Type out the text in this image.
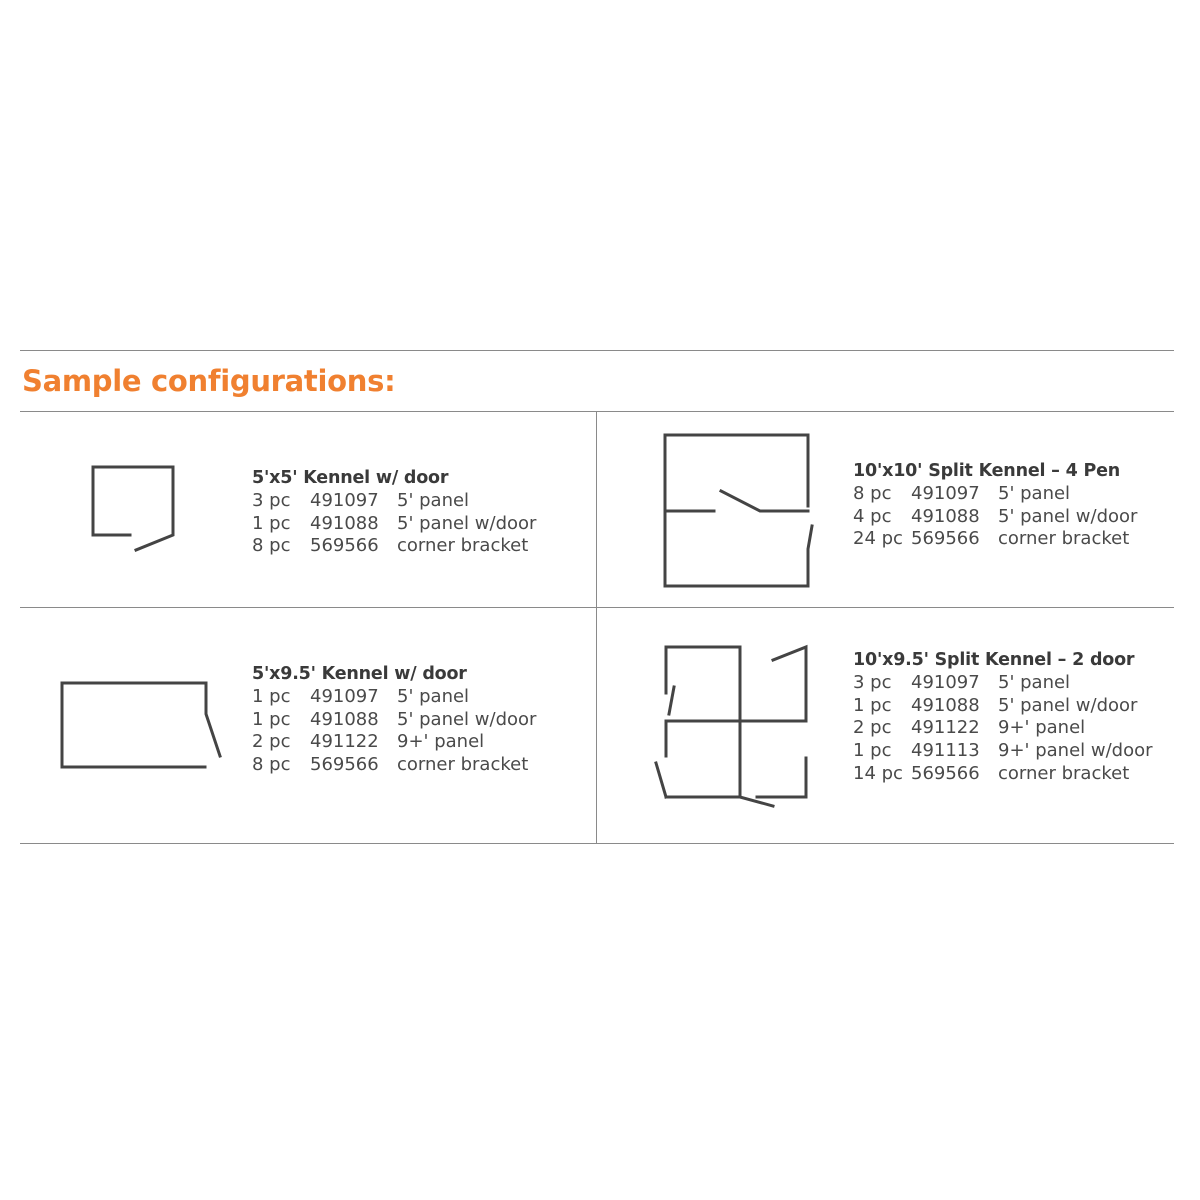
Sample configurations:
5'x5' Kennel w/ door
3 pc	491097	5' panel
1 pc	491088	5' panel w/door
8 pc	569566	corner bracket
10'x10' Split Kennel – 4 Pen
8 pc	491097	5' panel
4 pc	491088	5' panel w/door
24 pc 569566	corner bracket
5'x9.5' Kennel w/ door
1 pc	491097	5' panel
1 pc	491088	5' panel w/door
2 pc	491122	9+' panel
8 pc	569566	corner bracket
10'x9.5' Split Kennel – 2 door
3 pc	491097	5' panel
1 pc	491088	5' panel w/door
2 pc	491122	9+' panel
1 pc	491113	9+' panel w/door
14 pc 569566	corner bracket
